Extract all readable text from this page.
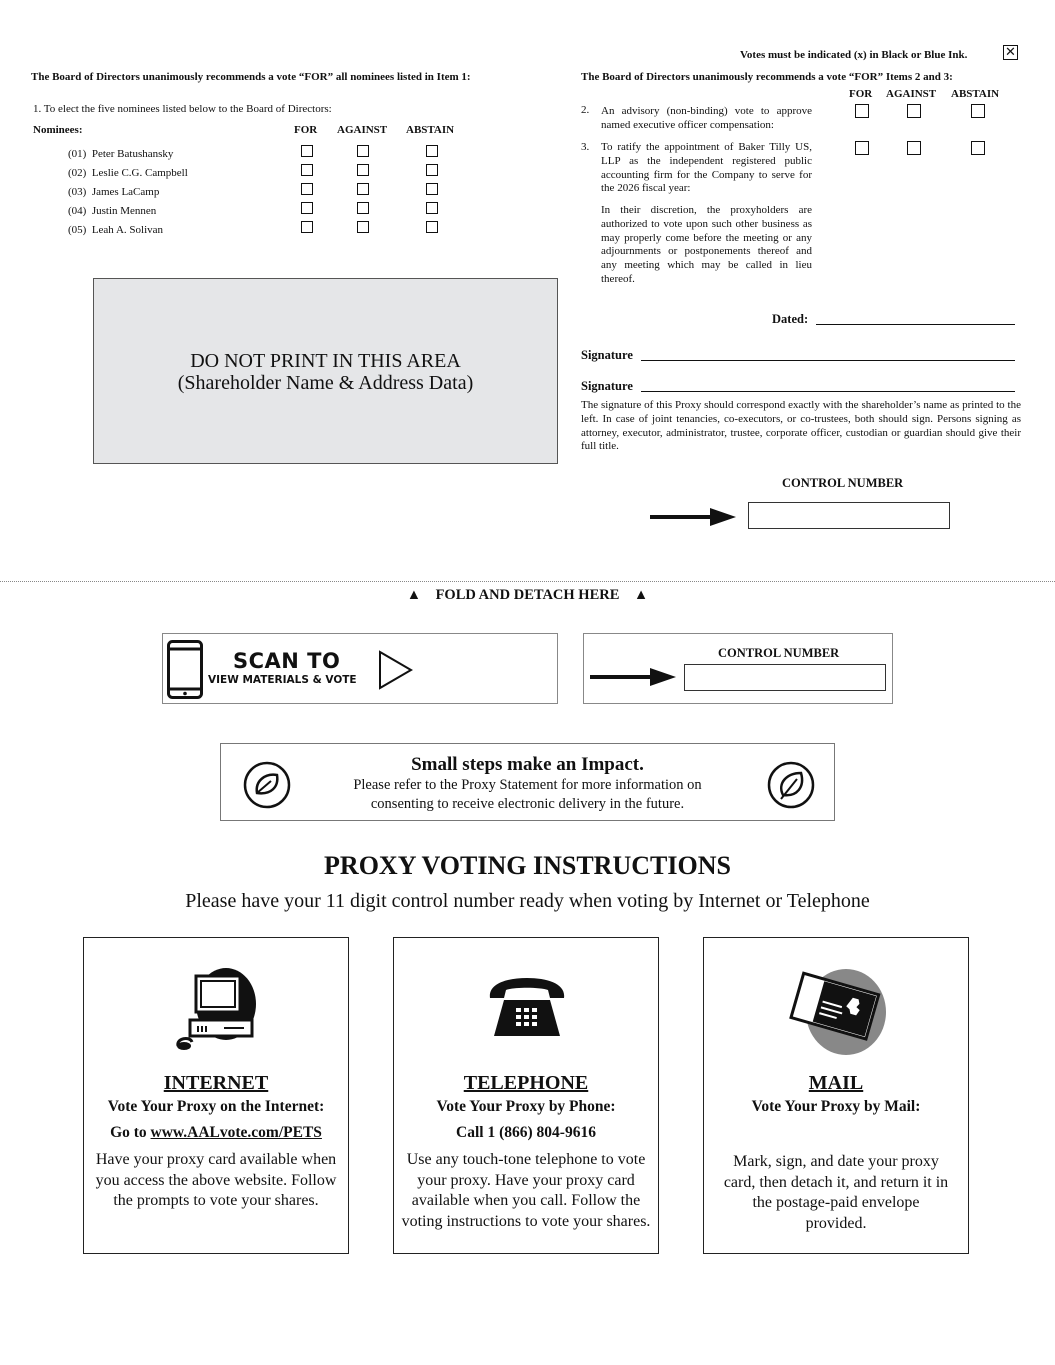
Votes must be indicated (x) in Black or Blue Ink.	✕
The Board of Directors unanimously recommends a vote “FOR” all nominees listed in Item 1:
1. To elect the five nominees listed below to the Board of Directors:
Nominees:	FOR AGAINST ABSTAIN
(01) Peter Batushansky
(02) Leslie C.G. Campbell
(03) James LaCamp
(04) Justin Mennen
(05) Leah A. Solivan
DO NOT PRINT IN THIS AREA
(Shareholder Name & Address Data)
The Board of Directors unanimously recommends a vote “FOR” Items 2 and 3:
FOR AGAINST ABSTAIN
2. An advisory (non-binding) vote to approve named executive officer compensation:
3. To ratify the appointment of Baker Tilly US, LLP as the independent registered public accounting firm for the Company to serve for the 2026 fiscal year:
In their discretion, the proxyholders are authorized to vote upon such other business as may properly come before the meeting or any adjournments or postponements thereof and any meeting which may be called in lieu thereof.
Dated:
Signature
Signature
The signature of this Proxy should correspond exactly with the shareholder’s name as printed to the left. In case of joint tenancies, co-executors, or co-trustees, both should sign. Persons signing as attorney, executor, administrator, trustee, corporate officer, custodian or guardian should give their full title.
CONTROL NUMBER
▲ FOLD AND DETACH HERE ▲
SCAN TO
VIEW MATERIALS & VOTE
CONTROL NUMBER
Small steps make an Impact.
Please refer to the Proxy Statement for more information on
consenting to receive electronic delivery in the future.
PROXY VOTING INSTRUCTIONS
Please have your 11 digit control number ready when voting by Internet or Telephone
INTERNET
Vote Your Proxy on the Internet:
Go to www.AALvote.com/PETS
Have your proxy card available when you access the above website. Follow the prompts to vote your shares.
TELEPHONE
Vote Your Proxy by Phone:
Call 1 (866) 804-9616
Use any touch-tone telephone to vote your proxy. Have your proxy card available when you call. Follow the voting instructions to vote your shares.
MAIL
Vote Your Proxy by Mail:
Mark, sign, and date your proxy card, then detach it, and return it in the postage-paid envelope provided.
